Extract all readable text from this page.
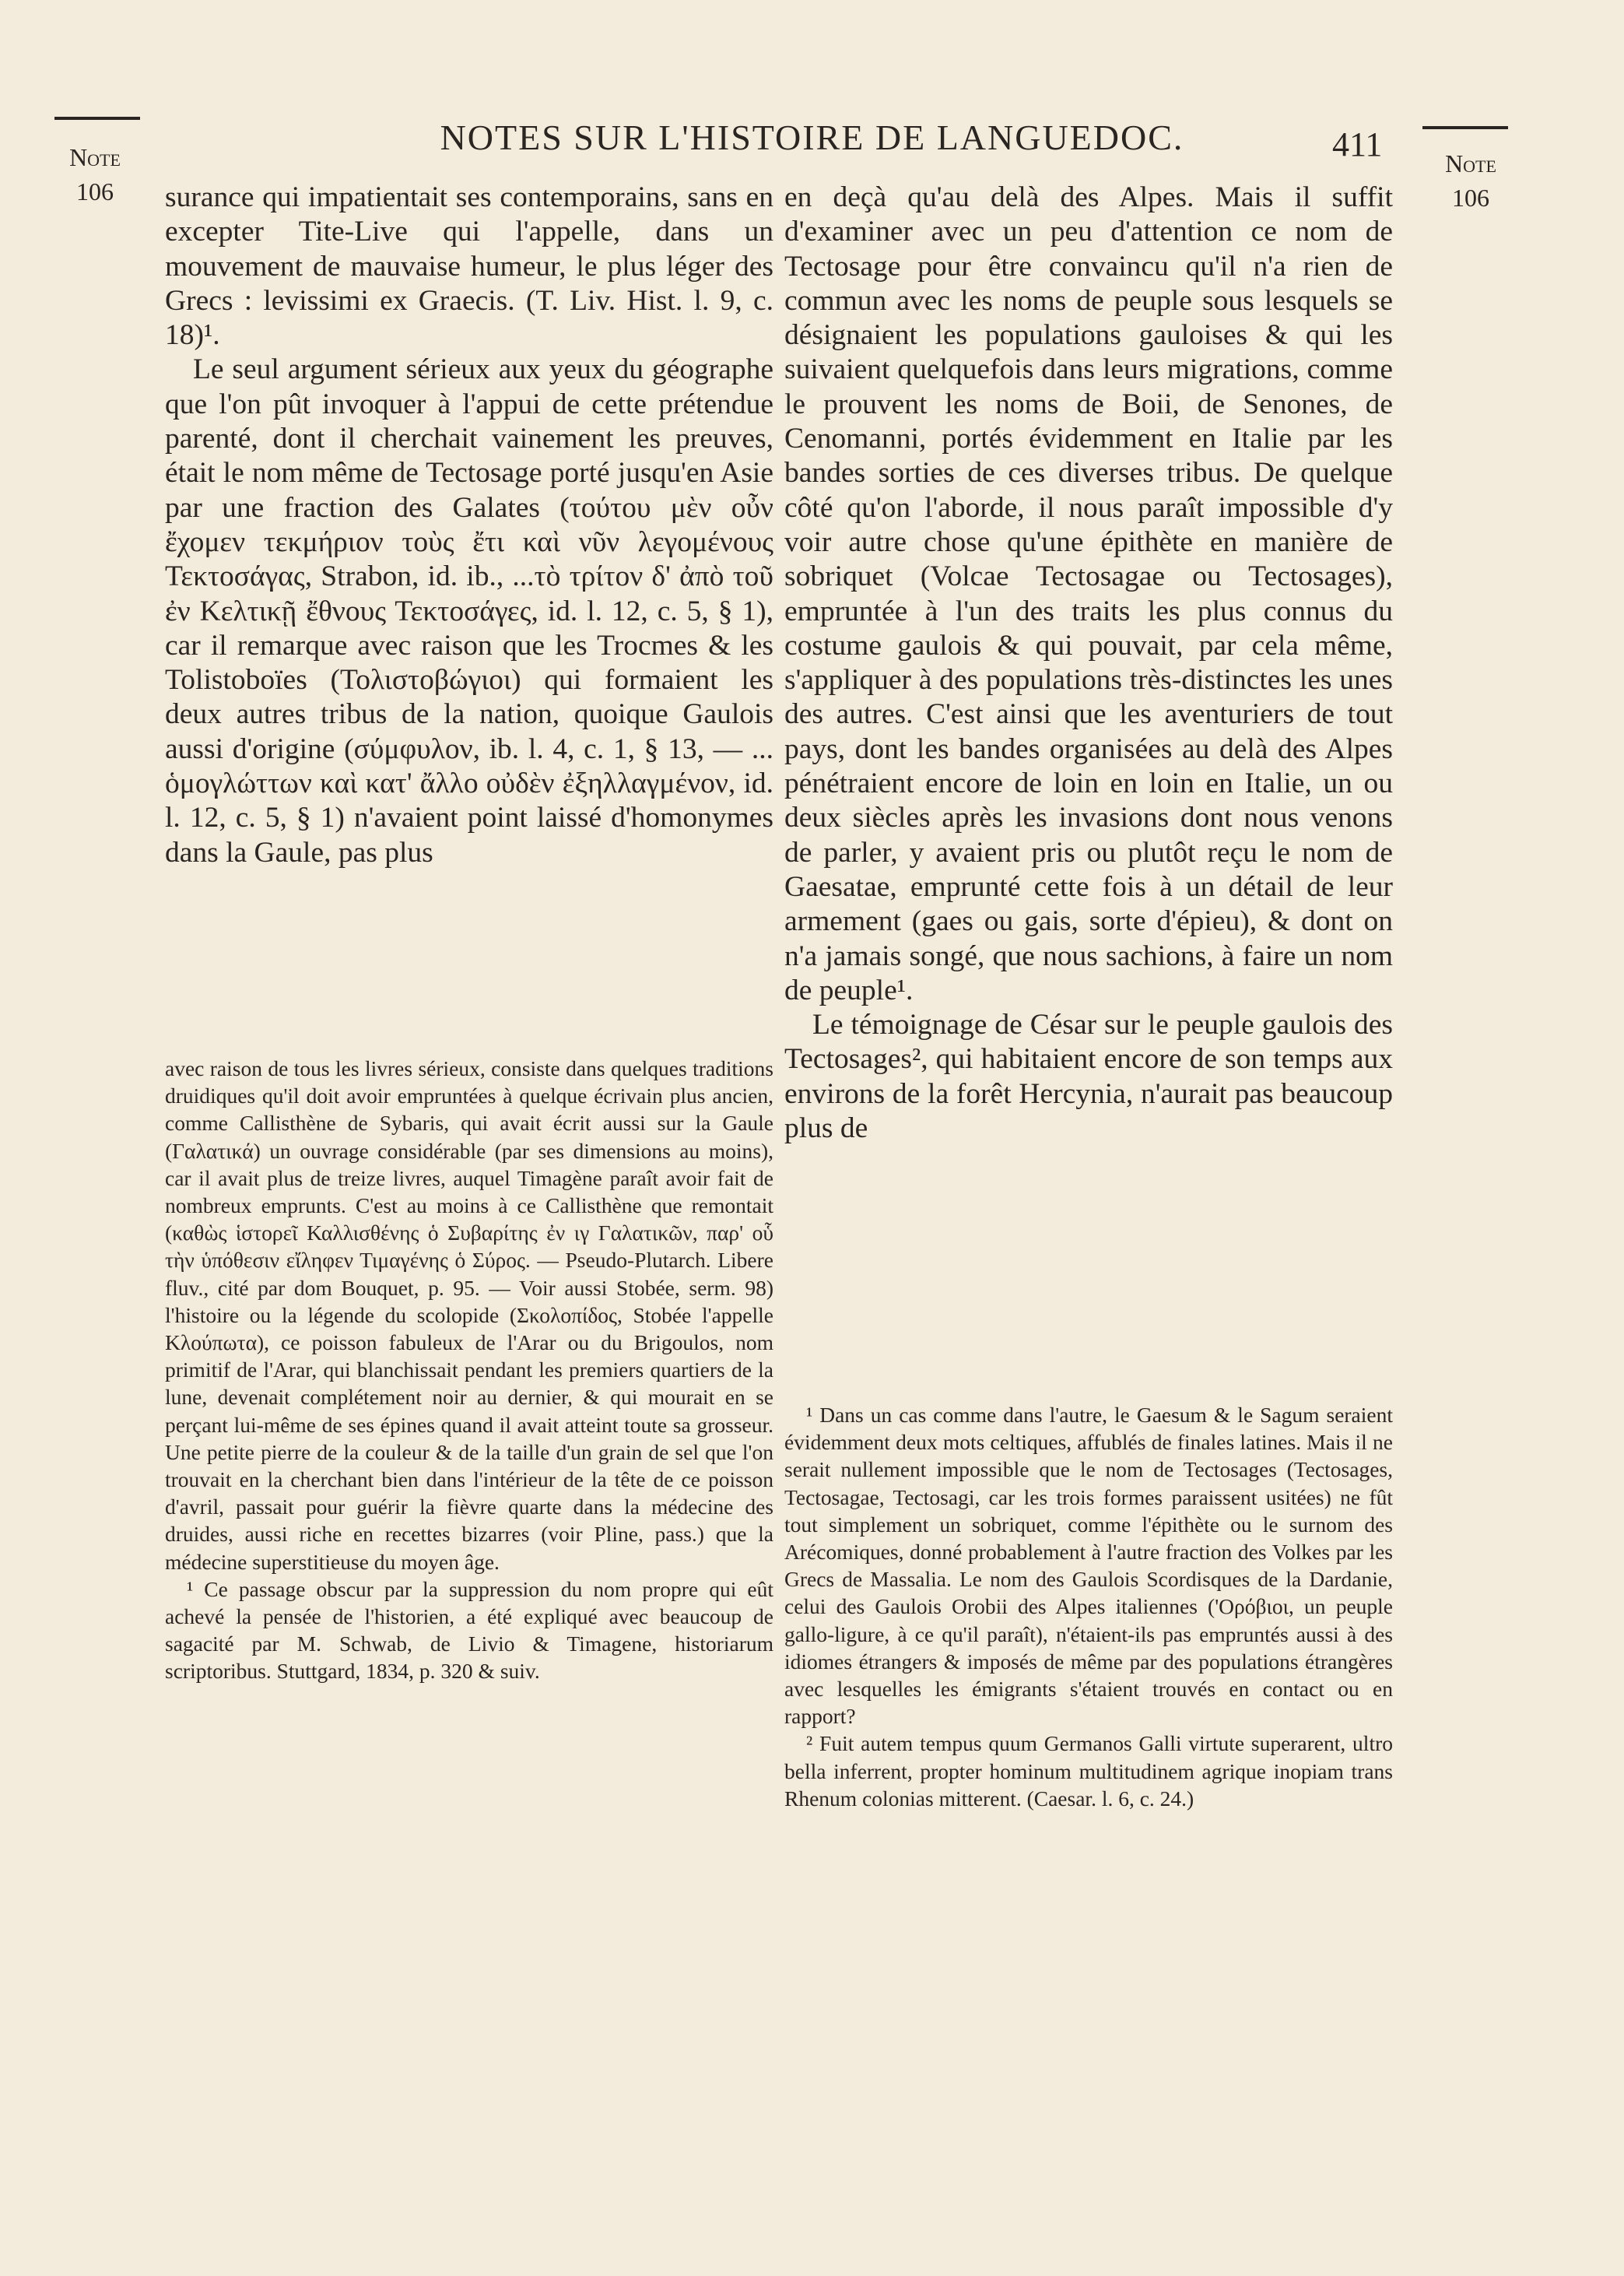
Note
106
Note
106
NOTES SUR L'HISTOIRE DE LANGUEDOC.	411

surance qui impatientait ses contemporains, sans en excepter Tite-Live qui l'appelle, dans un mouvement de mauvaise humeur, le plus léger des Grecs : levissimi ex Graecis. (T. Liv. Hist. l. 9, c. 18)¹.

Le seul argument sérieux aux yeux du géographe que l'on pût invoquer à l'appui de cette prétendue parenté, dont il cherchait vainement les preuves, était le nom même de Tectosage porté jusqu'en Asie par une fraction des Galates (τούτου μὲν οὖν ἔχομεν τεκμήριον τοὺς ἔτι καὶ νῦν λεγομένους Τεκτοσάγας, Strabon, id. ib., ...τὸ τρίτον δ' ἀπὸ τοῦ ἐν Κελτικῇ ἔθνους Τεκτοσάγες, id. l. 12, c. 5, § 1), car il remarque avec raison que les Trocmes & les Tolistoboïes (Τολιστοβώγιοι) qui formaient les deux autres tribus de la nation, quoique Gaulois aussi d'origine (σύμφυλον, ib. l. 4, c. 1, § 13, — ... ὁμογλώττων καὶ κατ' ἄλλο οὐδὲν ἐξηλλαγμένον, id. l. 12, c. 5, § 1) n'avaient point laissé d'homonymes dans la Gaule, pas plus

en deçà qu'au delà des Alpes. Mais il suffit d'examiner avec un peu d'attention ce nom de Tectosage pour être convaincu qu'il n'a rien de commun avec les noms de peuple sous lesquels se désignaient les populations gauloises & qui les suivaient quelquefois dans leurs migrations, comme le prouvent les noms de Boii, de Senones, de Cenomanni, portés évidemment en Italie par les bandes sorties de ces diverses tribus. De quelque côté qu'on l'aborde, il nous paraît impossible d'y voir autre chose qu'une épithète en manière de sobriquet (Volcae Tectosagae ou Tectosages), empruntée à l'un des traits les plus connus du costume gaulois & qui pouvait, par cela même, s'appliquer à des populations très-distinctes les unes des autres. C'est ainsi que les aventuriers de tout pays, dont les bandes organisées au delà des Alpes pénétraient encore de loin en loin en Italie, un ou deux siècles après les invasions dont nous venons de parler, y avaient pris ou plutôt reçu le nom de Gaesatae, emprunté cette fois à un détail de leur armement (gaes ou gais, sorte d'épieu), & dont on n'a jamais songé, que nous sachions, à faire un nom de peuple¹.

Le témoignage de César sur le peuple gaulois des Tectosages², qui habitaient encore de son temps aux environs de la forêt Hercynia, n'aurait pas beaucoup plus de

avec raison de tous les livres sérieux, consiste dans quelques traditions druidiques qu'il doit avoir empruntées à quelque écrivain plus ancien, comme Callisthène de Sybaris, qui avait écrit aussi sur la Gaule (Γαλατικά) un ouvrage considérable (par ses dimensions au moins), car il avait plus de treize livres, auquel Timagène paraît avoir fait de nombreux emprunts. C'est au moins à ce Callisthène que remontait (καθὼς ἱστορεῖ Καλλισθένης ὁ Συβαρίτης ἐν ιγ Γαλατικῶν, παρ' οὗ τὴν ὑπόθεσιν εἴληφεν Τιμαγένης ὁ Σύρος. — Pseudo-Plutarch. Libere fluv., cité par dom Bouquet, p. 95. — Voir aussi Stobée, serm. 98) l'histoire ou la légende du scolopide (Σκολοπίδος, Stobée l'appelle Κλούπωτα), ce poisson fabuleux de l'Arar ou du Brigoulos, nom primitif de l'Arar, qui blanchissait pendant les premiers quartiers de la lune, devenait complétement noir au dernier, & qui mourait en se perçant lui-même de ses épines quand il avait atteint toute sa grosseur. Une petite pierre de la couleur & de la taille d'un grain de sel que l'on trouvait en la cherchant bien dans l'intérieur de la tête de ce poisson d'avril, passait pour guérir la fièvre quarte dans la médecine des druides, aussi riche en recettes bizarres (voir Pline, pass.) que la médecine superstitieuse du moyen âge.

¹ Ce passage obscur par la suppression du nom propre qui eût achevé la pensée de l'historien, a été expliqué avec beaucoup de sagacité par M. Schwab, de Livio & Timagene, historiarum scriptoribus. Stuttgard, 1834, p. 320 & suiv.

¹ Dans un cas comme dans l'autre, le Gaesum & le Sagum seraient évidemment deux mots celtiques, affublés de finales latines. Mais il ne serait nullement impossible que le nom de Tectosages (Tectosages, Tectosagae, Tectosagi, car les trois formes paraissent usitées) ne fût tout simplement un sobriquet, comme l'épithète ou le surnom des Arécomiques, donné probablement à l'autre fraction des Volkes par les Grecs de Massalia. Le nom des Gaulois Scordisques de la Dardanie, celui des Gaulois Orobii des Alpes italiennes ('Ορόβιοι, un peuple gallo-ligure, à ce qu'il paraît), n'étaient-ils pas empruntés aussi à des idiomes étrangers & imposés de même par des populations étrangères avec lesquelles les émigrants s'étaient trouvés en contact ou en rapport?

² Fuit autem tempus quum Germanos Galli virtute superarent, ultro bella inferrent, propter hominum multitudinem agrique inopiam trans Rhenum colonias mitterent. (Caesar. l. 6, c. 24.)
